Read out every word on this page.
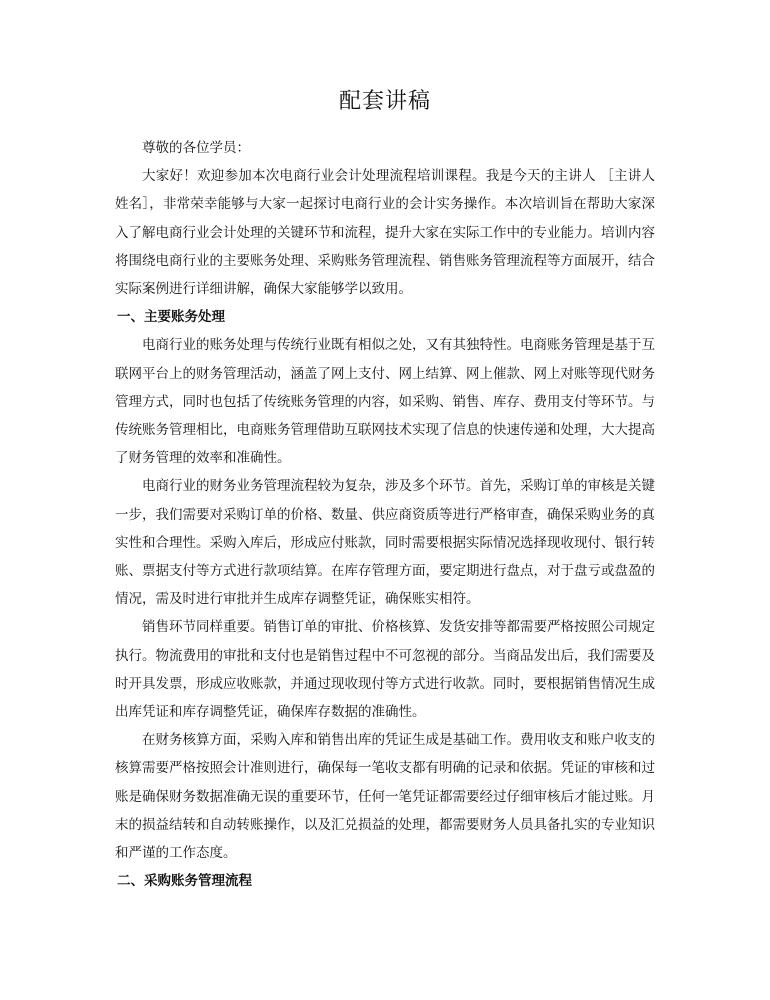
配套讲稿

尊敬的各位学员：

大家好！欢迎参加本次电商行业会计处理流程培训课程。我是今天的主讲人 ［主讲人姓名］，非常荣幸能够与大家一起探讨电商行业的会计实务操作。本次培训旨在帮助大家深入了解电商行业会计处理的关键环节和流程，提升大家在实际工作中的专业能力。培训内容将围绕电商行业的主要账务处理、采购账务管理流程、销售账务管理流程等方面展开，结合实际案例进行详细讲解，确保大家能够学以致用。

一、主要账务处理

电商行业的账务处理与传统行业既有相似之处，又有其独特性。电商账务管理是基于互联网平台上的财务管理活动，涵盖了网上支付、网上结算、网上催款、网上对账等现代财务管理方式，同时也包括了传统账务管理的内容，如采购、销售、库存、费用支付等环节。与传统账务管理相比，电商账务管理借助互联网技术实现了信息的快速传递和处理，大大提高了财务管理的效率和准确性。

电商行业的财务业务管理流程较为复杂，涉及多个环节。首先，采购订单的审核是关键一步，我们需要对采购订单的价格、数量、供应商资质等进行严格审查，确保采购业务的真实性和合理性。采购入库后，形成应付账款，同时需要根据实际情况选择现收现付、银行转账、票据支付等方式进行款项结算。在库存管理方面，要定期进行盘点，对于盘亏或盘盈的情况，需及时进行审批并生成库存调整凭证，确保账实相符。

销售环节同样重要。销售订单的审批、价格核算、发货安排等都需要严格按照公司规定执行。物流费用的审批和支付也是销售过程中不可忽视的部分。当商品发出后，我们需要及时开具发票，形成应收账款，并通过现收现付等方式进行收款。同时，要根据销售情况生成出库凭证和库存调整凭证，确保库存数据的准确性。

在财务核算方面，采购入库和销售出库的凭证生成是基础工作。费用收支和账户收支的核算需要严格按照会计准则进行，确保每一笔收支都有明确的记录和依据。凭证的审核和过账是确保财务数据准确无误的重要环节，任何一笔凭证都需要经过仔细审核后才能过账。月末的损益结转和自动转账操作，以及汇兑损益的处理，都需要财务人员具备扎实的专业知识和严谨的工作态度。

二、采购账务管理流程
